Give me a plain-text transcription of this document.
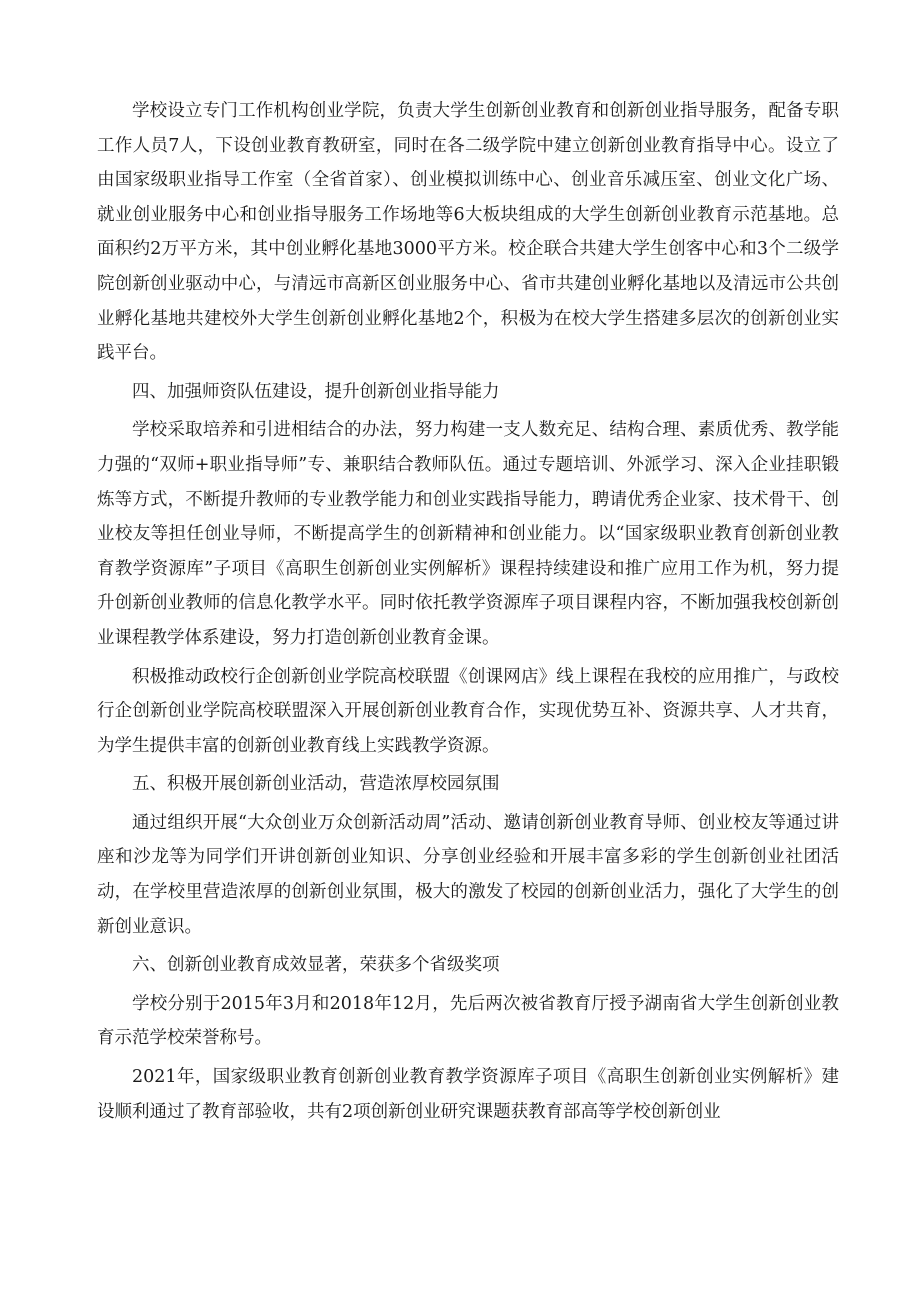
学校设立专门工作机构创业学院，负责大学生创新创业教育和创新创业指导服务，配备专职工作人员7人，下设创业教育教研室，同时在各二级学院中建立创新创业教育指导中心。设立了由国家级职业指导工作室（全省首家）、创业模拟训练中心、创业音乐减压室、创业文化广场、就业创业服务中心和创业指导服务工作场地等6大板块组成的大学生创新创业教育示范基地。总面积约2万平方米，其中创业孵化基地3000平方米。校企联合共建大学生创客中心和3个二级学院创新创业驱动中心，与清远市高新区创业服务中心、省市共建创业孵化基地以及清远市公共创业孵化基地共建校外大学生创新创业孵化基地2个，积极为在校大学生搭建多层次的创新创业实践平台。

四、加强师资队伍建设，提升创新创业指导能力

学校采取培养和引进相结合的办法，努力构建一支人数充足、结构合理、素质优秀、教学能力强的“双师+职业指导师”专、兼职结合教师队伍。通过专题培训、外派学习、深入企业挂职锻炼等方式，不断提升教师的专业教学能力和创业实践指导能力，聘请优秀企业家、技术骨干、创业校友等担任创业导师，不断提高学生的创新精神和创业能力。以“国家级职业教育创新创业教育教学资源库”子项目《高职生创新创业实例解析》课程持续建设和推广应用工作为机，努力提升创新创业教师的信息化教学水平。同时依托教学资源库子项目课程内容，不断加强我校创新创业课程教学体系建设，努力打造创新创业教育金课。

积极推动政校行企创新创业学院高校联盟《创课网店》线上课程在我校的应用推广，与政校行企创新创业学院高校联盟深入开展创新创业教育合作，实现优势互补、资源共享、人才共育，为学生提供丰富的创新创业教育线上实践教学资源。

五、积极开展创新创业活动，营造浓厚校园氛围

通过组织开展“大众创业万众创新活动周”活动、邀请创新创业教育导师、创业校友等通过讲座和沙龙等为同学们开讲创新创业知识、分享创业经验和开展丰富多彩的学生创新创业社团活动，在学校里营造浓厚的创新创业氛围，极大的激发了校园的创新创业活力，强化了大学生的创新创业意识。

六、创新创业教育成效显著，荣获多个省级奖项

学校分别于2015年3月和2018年12月，先后两次被省教育厅授予湖南省大学生创新创业教育示范学校荣誉称号。

2021年，国家级职业教育创新创业教育教学资源库子项目《高职生创新创业实例解析》建设顺利通过了教育部验收，共有2项创新创业研究课题获教育部高等学校创新创业
